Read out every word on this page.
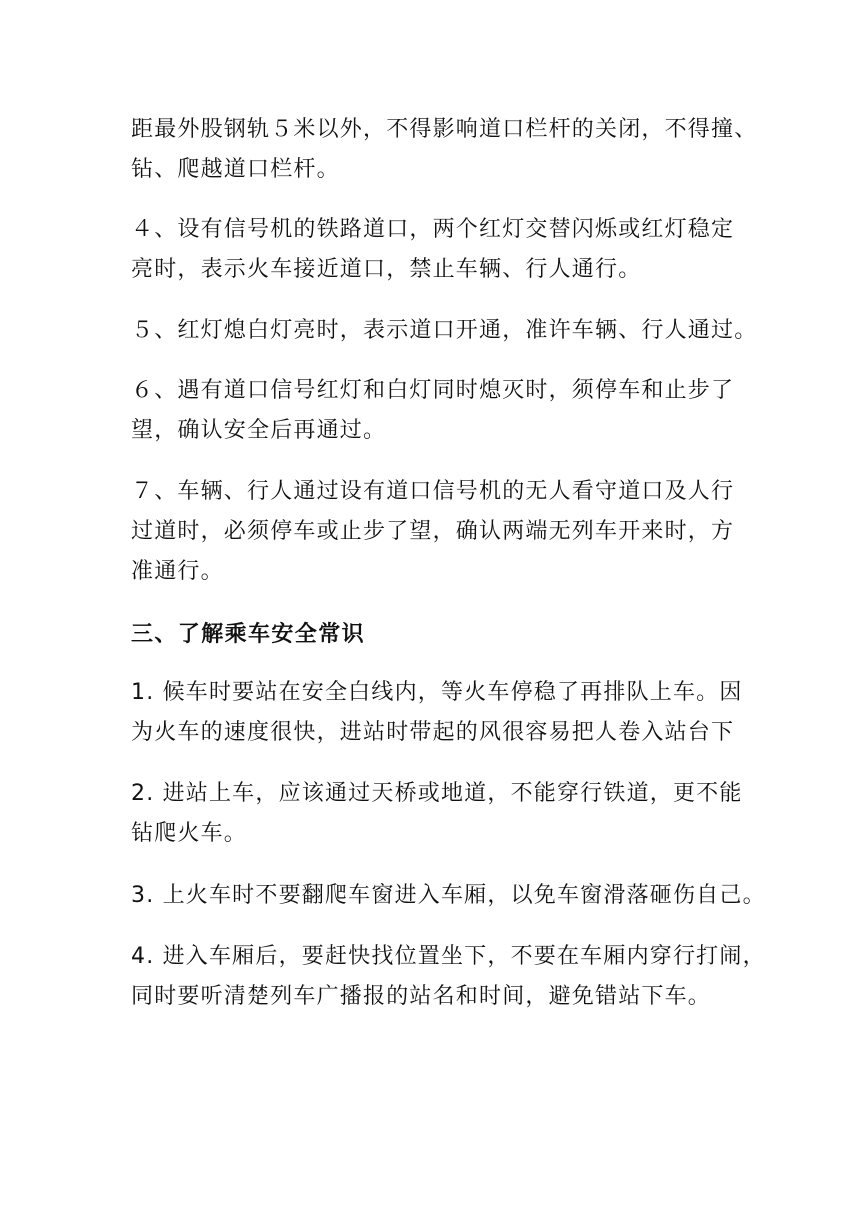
距最外股钢轨５米以外，不得影响道口栏杆的关闭，不得撞、
钻、爬越道口栏杆。
４、设有信号机的铁路道口，两个红灯交替闪烁或红灯稳定
亮时，表示火车接近道口，禁止车辆、行人通行。
５、红灯熄白灯亮时，表示道口开通，准许车辆、行人通过。
６、遇有道口信号红灯和白灯同时熄灭时，须停车和止步了
望，确认安全后再通过。
７、车辆、行人通过设有道口信号机的无人看守道口及人行
过道时，必须停车或止步了望，确认两端无列车开来时，方
准通行。
三、了解乘车安全常识
1. 候车时要站在安全白线内，等火车停稳了再排队上车。因
为火车的速度很快，进站时带起的风很容易把人卷入站台下
2. 进站上车，应该通过天桥或地道，不能穿行铁道，更不能
钻爬火车。
3. 上火车时不要翻爬车窗进入车厢，以免车窗滑落砸伤自己。
4. 进入车厢后，要赶快找位置坐下，不要在车厢内穿行打闹，
同时要听清楚列车广播报的站名和时间，避免错站下车。
